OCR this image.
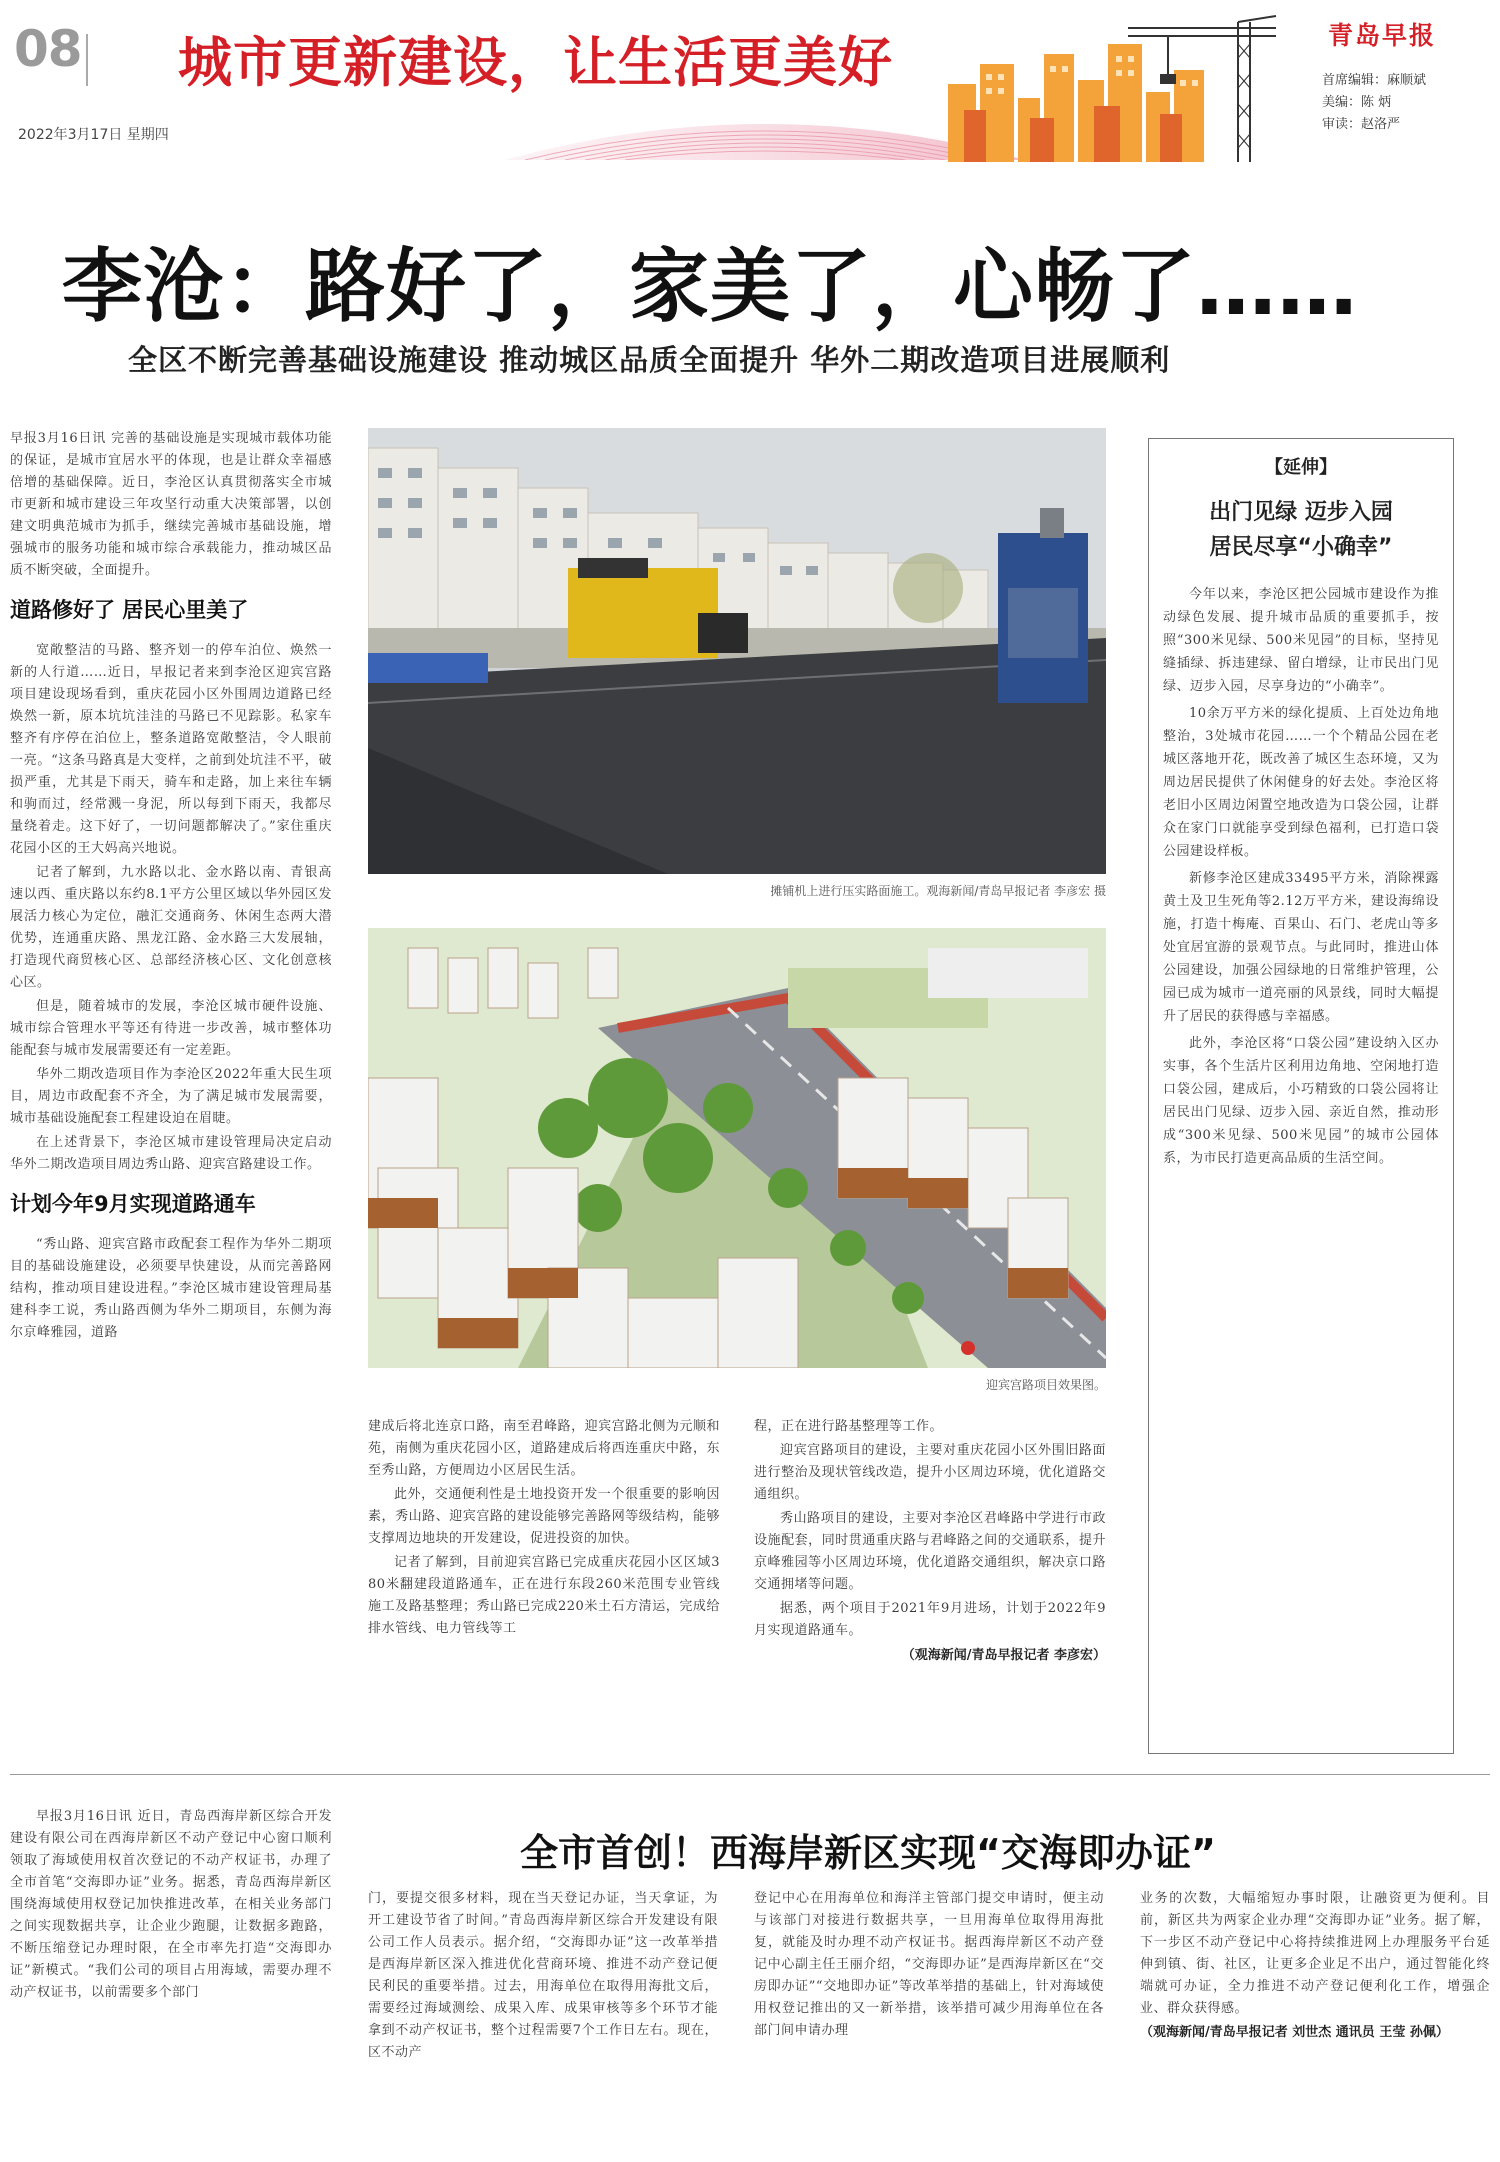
08
2022年3月17日 星期四
城市更新建设，让生活更美好	青岛早报
首席编辑：麻顺斌
美编：陈 炳
审读：赵洛严
李沧：路好了，家美了，心畅了……
全区不断完善基础设施建设 推动城区品质全面提升 华外二期改造项目进展顺利

早报3月16日讯 完善的基础设施是实现城市载体功能的保证，是城市宜居水平的体现，也是让群众幸福感倍增的基础保障。近日，李沧区认真贯彻落实全市城市更新和城市建设三年攻坚行动重大决策部署，以创建文明典范城市为抓手，继续完善城市基础设施，增强城市的服务功能和城市综合承载能力，推动城区品质不断突破，全面提升。

道路修好了 居民心里美了

宽敞整洁的马路、整齐划一的停车泊位、焕然一新的人行道……近日，早报记者来到李沧区迎宾宫路项目建设现场看到，重庆花园小区外围周边道路已经焕然一新，原本坑坑洼洼的马路已不见踪影。私家车整齐有序停在泊位上，整条道路宽敞整洁，令人眼前一亮。“这条马路真是大变样，之前到处坑洼不平，破损严重，尤其是下雨天，骑车和走路，加上来往车辆和驹而过，经常溅一身泥，所以每到下雨天，我都尽量绕着走。这下好了，一切问题都解决了。”家住重庆花园小区的王大妈高兴地说。

记者了解到，九水路以北、金水路以南、青银高速以西、重庆路以东约8.1平方公里区域以华外园区发展活力核心为定位，融汇交通商务、休闲生态两大潜优势，连通重庆路、黑龙江路、金水路三大发展轴，打造现代商贸核心区、总部经济核心区、文化创意核心区。

但是，随着城市的发展，李沧区城市硬件设施、城市综合管理水平等还有待进一步改善，城市整体功能配套与城市发展需要还有一定差距。

华外二期改造项目作为李沧区2022年重大民生项目，周边市政配套不齐全，为了满足城市发展需要，城市基础设施配套工程建设迫在眉睫。

在上述背景下，李沧区城市建设管理局决定启动华外二期改造项目周边秀山路、迎宾宫路建设工作。

计划今年9月实现道路通车

“秀山路、迎宾宫路市政配套工程作为华外二期项目的基础设施建设，必须要早快建设，从而完善路网结构，推动项目建设进程。”李沧区城市建设管理局基建科李工说，秀山路西侧为华外二期项目，东侧为海尔京峰雅园，道路

摊铺机上进行压实路面施工。观海新闻/青岛早报记者 李彦宏 摄
迎宾宫路项目效果图。

建成后将北连京口路，南至君峰路，迎宾宫路北侧为元顺和苑，南侧为重庆花园小区，道路建成后将西连重庆中路，东至秀山路，方便周边小区居民生活。

此外，交通便利性是土地投资开发一个很重要的影响因素，秀山路、迎宾宫路的建设能够完善路网等级结构，能够支撑周边地块的开发建设，促进投资的加快。

记者了解到，目前迎宾宫路已完成重庆花园小区区域380米翻建段道路通车，正在进行东段260米范围专业管线施工及路基整理；秀山路已完成220米土石方清运，完成给排水管线、电力管线等工

程，正在进行路基整理等工作。

迎宾宫路项目的建设，主要对重庆花园小区外围旧路面进行整治及现状管线改造，提升小区周边环境，优化道路交通组织。

秀山路项目的建设，主要对李沧区君峰路中学进行市政设施配套，同时贯通重庆路与君峰路之间的交通联系，提升京峰雅园等小区周边环境，优化道路交通组织，解决京口路交通拥堵等问题。

据悉，两个项目于2021年9月进场，计划于2022年9月实现道路通车。

（观海新闻/青岛早报记者 李彦宏）
【延伸】
出门见绿 迈步入园
居民尽享“小确幸”

今年以来，李沧区把公园城市建设作为推动绿色发展、提升城市品质的重要抓手，按照“300米见绿、500米见园”的目标，坚持见缝插绿、拆违建绿、留白增绿，让市民出门见绿、迈步入园，尽享身边的“小确幸”。

10余万平方米的绿化提质、上百处边角地整治，3处城市花园……一个个精品公园在老城区落地开花，既改善了城区生态环境，又为周边居民提供了休闲健身的好去处。李沧区将老旧小区周边闲置空地改造为口袋公园，让群众在家门口就能享受到绿色福利，已打造口袋公园建设样板。

新修李沧区建成33495平方米，消除裸露黄土及卫生死角等2.12万平方米，建设海绵设施，打造十梅庵、百果山、石门、老虎山等多处宜居宜游的景观节点。与此同时，推进山体公园建设，加强公园绿地的日常维护管理，公园已成为城市一道亮丽的风景线，同时大幅提升了居民的获得感与幸福感。

此外，李沧区将“口袋公园”建设纳入区办实事，各个生活片区利用边角地、空闲地打造口袋公园，建成后，小巧精致的口袋公园将让居民出门见绿、迈步入园、亲近自然，推动形成“300米见绿、500米见园”的城市公园体系，为市民打造更高品质的生活空间。

全市首创！西海岸新区实现“交海即办证”

早报3月16日讯 近日，青岛西海岸新区综合开发建设有限公司在西海岸新区不动产登记中心窗口顺利领取了海域使用权首次登记的不动产权证书，办理了全市首笔“交海即办证”业务。据悉，青岛西海岸新区围绕海域使用权登记加快推进改革，在相关业务部门之间实现数据共享，让企业少跑腿，让数据多跑路，不断压缩登记办理时限，在全市率先打造“交海即办证”新模式。“我们公司的项目占用海域，需要办理不动产权证书，以前需要多个部门

门，要提交很多材料，现在当天登记办证，当天拿证，为开工建设节省了时间。”青岛西海岸新区综合开发建设有限公司工作人员表示。据介绍，“交海即办证”这一改革举措是西海岸新区深入推进优化营商环境、推进不动产登记便民利民的重要举措。过去，用海单位在取得用海批文后，需要经过海域测绘、成果入库、成果审核等多个环节才能拿到不动产权证书，整个过程需要7个工作日左右。现在，区不动产

登记中心在用海单位和海洋主管部门提交申请时，便主动与该部门对接进行数据共享，一旦用海单位取得用海批复，就能及时办理不动产权证书。据西海岸新区不动产登记中心副主任王丽介绍，“交海即办证”是西海岸新区在“交房即办证”“交地即办证”等改革举措的基础上，针对海域使用权登记推出的又一新举措，该举措可减少用海单位在各部门间申请办理

业务的次数，大幅缩短办事时限，让融资更为便利。目前，新区共为两家企业办理“交海即办证”业务。据了解，下一步区不动产登记中心将持续推进网上办理服务平台延伸到镇、街、社区，让更多企业足不出户，通过智能化终端就可办证，全力推进不动产登记便利化工作，增强企业、群众获得感。

（观海新闻/青岛早报记者 刘世杰 通讯员 王莹 孙佩）
